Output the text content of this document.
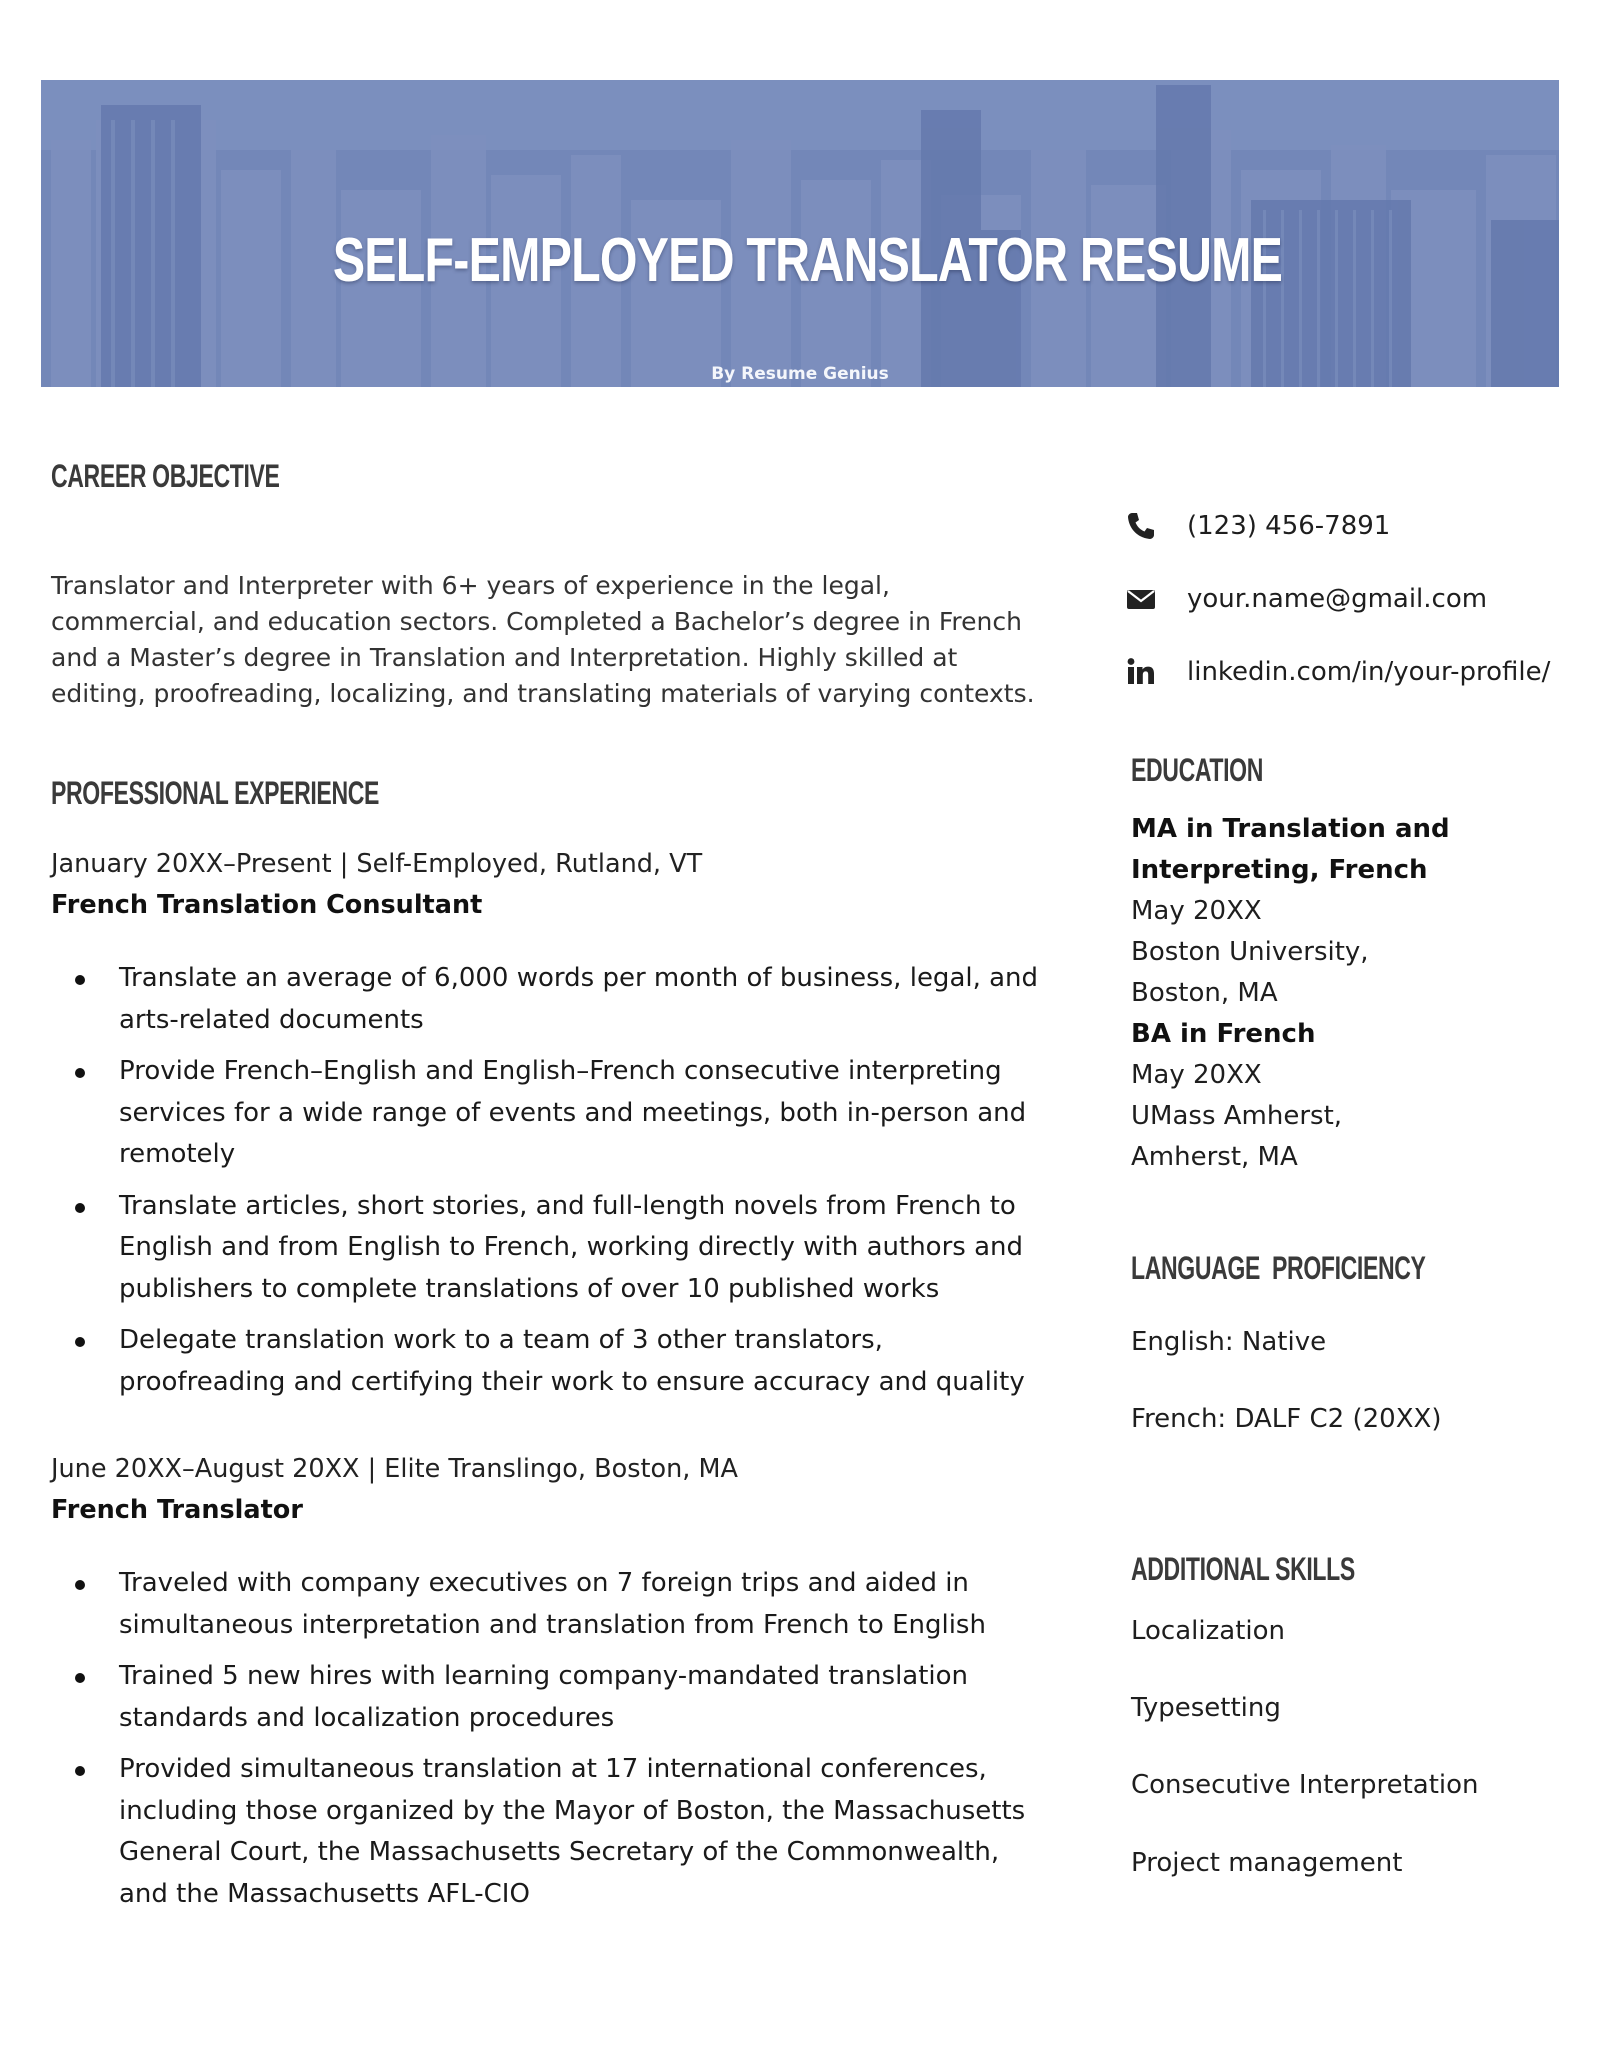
SELF-EMPLOYED TRANSLATOR RESUME
By Resume Genius
CAREER OBJECTIVE

Translator and Interpreter with 6+ years of experience in the legal, commercial, and education sectors. Completed a Bachelor’s degree in French and a Master’s degree in Translation and Interpretation. Highly skilled at editing, proofreading, localizing, and translating materials of varying contexts.

PROFESSIONAL EXPERIENCE
January 20XX–Present | Self-Employed, Rutland, VT
French Translation Consultant
Translate an average of 6,000 words per month of business, legal, and arts-related documents
Provide French–English and English–French consecutive interpreting services for a wide range of events and meetings, both in-person and remotely
Translate articles, short stories, and full-length novels from French to English and from English to French, working directly with authors and publishers to complete translations of over 10 published works
Delegate translation work to a team of 3 other translators, proofreading and certifying their work to ensure accuracy and quality
June 20XX–August 20XX | Elite Translingo, Boston, MA
French Translator
Traveled with company executives on 7 foreign trips and aided in simultaneous interpretation and translation from French to English
Trained 5 new hires with learning company-mandated translation standards and localization procedures
Provided simultaneous translation at 17 international conferences, including those organized by the Mayor of Boston, the Massachusetts General Court, the Massachusetts Secretary of the Commonwealth, and the Massachusetts AFL-CIO
(123) 456-7891
your.name@gmail.com
linkedin.com/in/your-profile/
EDUCATION
MA in Translation and
Interpreting, French
May 20XX
Boston University,
Boston, MA
BA in French
May 20XX
UMass Amherst,
Amherst, MA
LANGUAGE  PROFICIENCY
English: Native
French: DALF C2 (20XX)
ADDITIONAL SKILLS
Localization
Typesetting
Consecutive Interpretation
Project management
